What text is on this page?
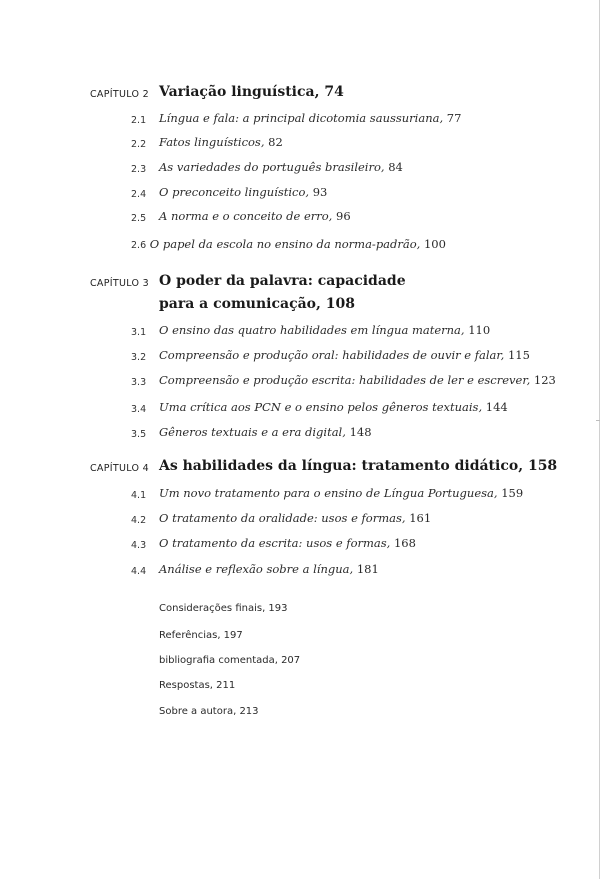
CAPÍTULO 2 Variação linguística, 74
2.1	Língua e fala: a principal dicotomia saussuriana, 77
2.2	Fatos linguísticos, 82
2.3	As variedades do português brasileiro, 84
2.4	O preconceito linguístico, 93
2.5	A norma e o conceito de erro, 96
2.6 O papel da escola no ensino da norma-padrão, 100
CAPÍTULO 3 O poder da palavra: capacidade
para a comunicação, 108
3.1	O ensino das quatro habilidades em língua materna, 110
3.2	Compreensão e produção oral: habilidades de ouvir e falar, 115
3.3	Compreensão e produção escrita: habilidades de ler e escrever, 123
3.4	Uma crítica aos PCN e o ensino pelos gêneros textuais, 144
3.5	Gêneros textuais e a era digital, 148
CAPÍTULO 4 As habilidades da língua: tratamento didático, 158
4.1	Um novo tratamento para o ensino de Língua Portuguesa, 159
4.2	O tratamento da oralidade: usos e formas, 161
4.3	O tratamento da escrita: usos e formas, 168
4.4	Análise e reflexão sobre a língua, 181
Considerações finais, 193
Referências, 197
bibliografia comentada, 207
Respostas, 211
Sobre a autora, 213
